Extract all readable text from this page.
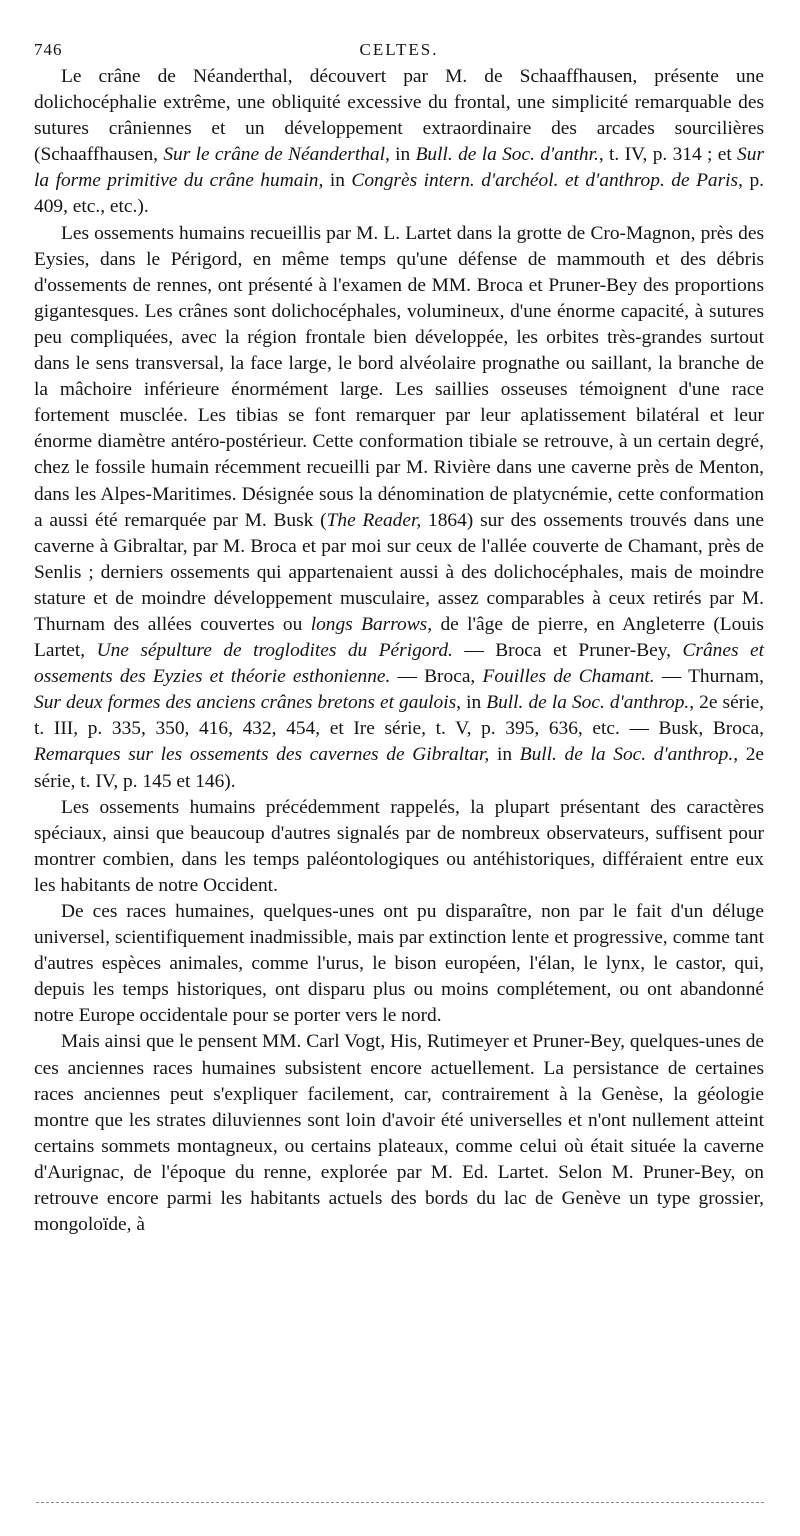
746	CELTES.

Le crâne de Néanderthal, découvert par M. de Schaaffhausen, présente une dolichocéphalie extrême, une obliquité excessive du frontal, une simplicité remarquable des sutures crâniennes et un développement extraordinaire des arcades sourcilières (Schaaffhausen, Sur le crâne de Néanderthal, in Bull. de la Soc. d'anthr., t. IV, p. 314 ; et Sur la forme primitive du crâne humain, in Congrès intern. d'archéol. et d'anthrop. de Paris, p. 409, etc., etc.).

Les ossements humains recueillis par M. L. Lartet dans la grotte de Cro-Magnon, près des Eysies, dans le Périgord, en même temps qu'une défense de mammouth et des débris d'ossements de rennes, ont présenté à l'examen de MM. Broca et Pruner-Bey des proportions gigantesques. Les crânes sont dolichocéphales, volumineux, d'une énorme capacité, à sutures peu compliquées, avec la région frontale bien développée, les orbites très-grandes surtout dans le sens transversal, la face large, le bord alvéolaire prognathe ou saillant, la branche de la mâchoire inférieure énormément large. Les saillies osseuses témoignent d'une race fortement musclée. Les tibias se font remarquer par leur aplatissement bilatéral et leur énorme diamètre antéro-postérieur. Cette conformation tibiale se retrouve, à un certain degré, chez le fossile humain récemment recueilli par M. Rivière dans une caverne près de Menton, dans les Alpes-Maritimes. Désignée sous la dénomination de platycnémie, cette conformation a aussi été remarquée par M. Busk (The Reader, 1864) sur des ossements trouvés dans une caverne à Gibraltar, par M. Broca et par moi sur ceux de l'allée couverte de Chamant, près de Senlis ; derniers ossements qui appartenaient aussi à des dolichocéphales, mais de moindre stature et de moindre développement musculaire, assez comparables à ceux retirés par M. Thurnam des allées couvertes ou longs Barrows, de l'âge de pierre, en Angleterre (Louis Lartet, Une sépulture de troglodites du Périgord. — Broca et Pruner-Bey, Crânes et ossements des Eyzies et théorie esthonienne. — Broca, Fouilles de Chamant. — Thurnam, Sur deux formes des anciens crânes bretons et gaulois, in Bull. de la Soc. d'anthrop., 2e série, t. III, p. 335, 350, 416, 432, 454, et Ire série, t. V, p. 395, 636, etc. — Busk, Broca, Remarques sur les ossements des cavernes de Gibraltar, in Bull. de la Soc. d'anthrop., 2e série, t. IV, p. 145 et 146).

Les ossements humains précédemment rappelés, la plupart présentant des caractères spéciaux, ainsi que beaucoup d'autres signalés par de nombreux observateurs, suffisent pour montrer combien, dans les temps paléontologiques ou antéhistoriques, différaient entre eux les habitants de notre Occident.

De ces races humaines, quelques-unes ont pu disparaître, non par le fait d'un déluge universel, scientifiquement inadmissible, mais par extinction lente et progressive, comme tant d'autres espèces animales, comme l'urus, le bison européen, l'élan, le lynx, le castor, qui, depuis les temps historiques, ont disparu plus ou moins complétement, ou ont abandonné notre Europe occidentale pour se porter vers le nord.

Mais ainsi que le pensent MM. Carl Vogt, His, Rutimeyer et Pruner-Bey, quelques-unes de ces anciennes races humaines subsistent encore actuellement. La persistance de certaines races anciennes peut s'expliquer facilement, car, contrairement à la Genèse, la géologie montre que les strates diluviennes sont loin d'avoir été universelles et n'ont nullement atteint certains sommets montagneux, ou certains plateaux, comme celui où était située la caverne d'Aurignac, de l'époque du renne, explorée par M. Ed. Lartet. Selon M. Pruner-Bey, on retrouve encore parmi les habitants actuels des bords du lac de Genève un type grossier, mongoloïde, à
